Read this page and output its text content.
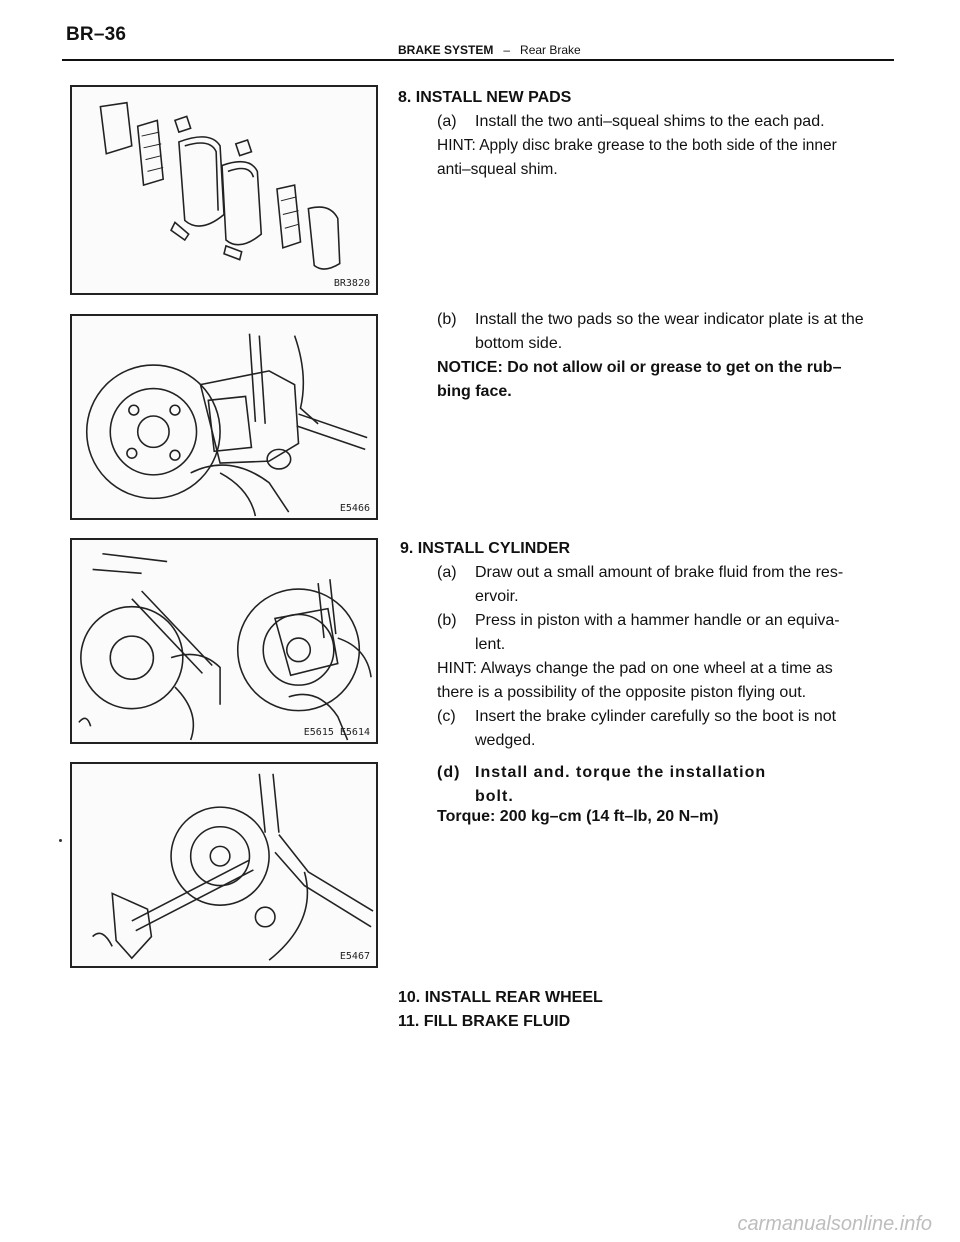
BR–36
BRAKE SYSTEM – Rear Brake
BR3820
E5466
E5615 E5614
E5467
8. INSTALL NEW PADS
(a)	Install the two anti–squeal shims to the each pad.
HINT: Apply disc brake grease to the both side of the inner anti–squeal shim.
(b)	Install the two pads so the wear indicator plate is at the bottom side.
NOTICE: Do not allow oil or grease to get on the rub– bing face.
9. INSTALL CYLINDER
(a)	Draw out a small amount of brake fluid from the res- ervoir.
(b)	Press in piston with a hammer handle or an equiva- lent.
HINT: Always change the pad on one wheel at a time as there is a possibility of the opposite piston flying out.
(c)	Insert the brake cylinder carefully so the boot is not wedged.
(d) Install and. torque the installation bolt.
Torque: 200 kg–cm (14 ft–lb, 20 N–m)
10. INSTALL REAR WHEEL
11. FILL BRAKE FLUID
carmanualsonline.info
